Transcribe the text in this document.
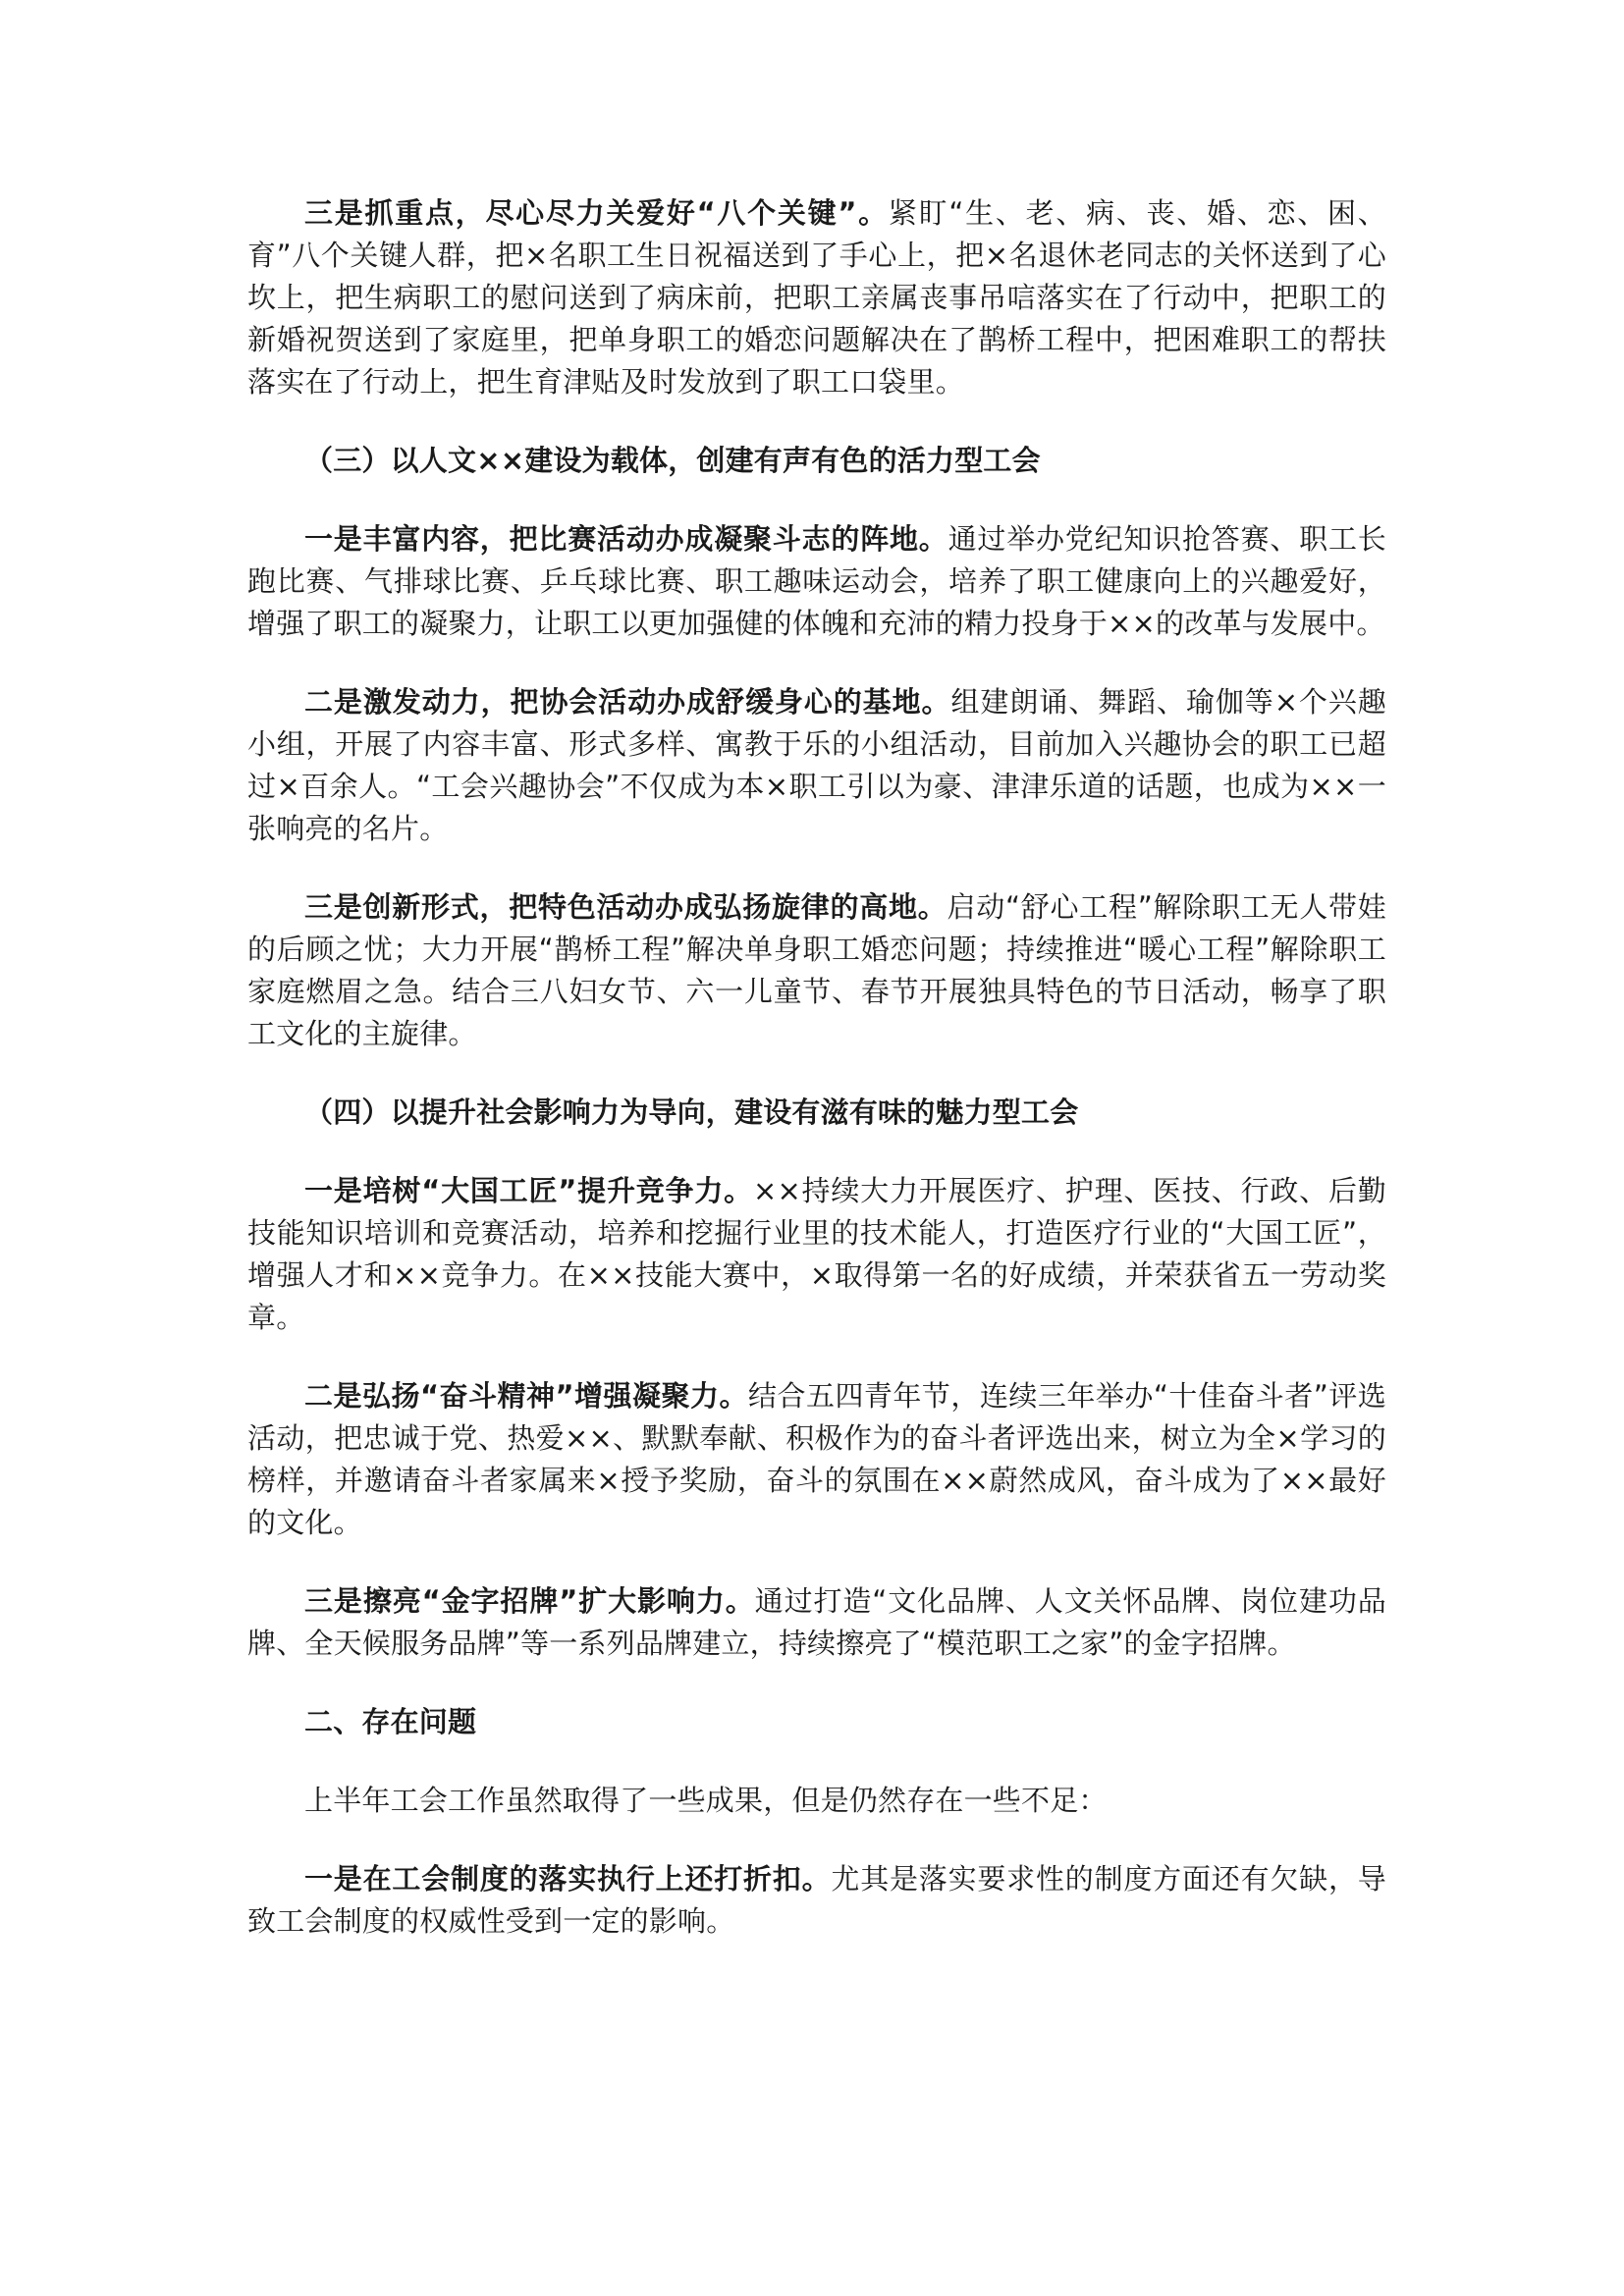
三是抓重点，尽心尽力关爱好“八个关键”。紧盯“生、老、病、丧、婚、恋、困、育”八个关键人群，把×名职工生日祝福送到了手心上，把×名退休老同志的关怀送到了心坎上，把生病职工的慰问送到了病床前，把职工亲属丧事吊唁落实在了行动中，把职工的新婚祝贺送到了家庭里，把单身职工的婚恋问题解决在了鹊桥工程中，把困难职工的帮扶落实在了行动上，把生育津贴及时发放到了职工口袋里。

（三）以人文××建设为载体，创建有声有色的活力型工会

一是丰富内容，把比赛活动办成凝聚斗志的阵地。通过举办党纪知识抢答赛、职工长跑比赛、气排球比赛、乒乓球比赛、职工趣味运动会，培养了职工健康向上的兴趣爱好，增强了职工的凝聚力，让职工以更加强健的体魄和充沛的精力投身于××的改革与发展中。

二是激发动力，把协会活动办成舒缓身心的基地。组建朗诵、舞蹈、瑜伽等×个兴趣小组，开展了内容丰富、形式多样、寓教于乐的小组活动，目前加入兴趣协会的职工已超过×百余人。“工会兴趣协会”不仅成为本×职工引以为豪、津津乐道的话题，也成为××一张响亮的名片。

三是创新形式，把特色活动办成弘扬旋律的高地。启动“舒心工程”解除职工无人带娃的后顾之忧；大力开展“鹊桥工程”解决单身职工婚恋问题；持续推进“暖心工程”解除职工家庭燃眉之急。结合三八妇女节、六一儿童节、春节开展独具特色的节日活动，畅享了职工文化的主旋律。

（四）以提升社会影响力为导向，建设有滋有味的魅力型工会

一是培树“大国工匠”提升竞争力。××持续大力开展医疗、护理、医技、行政、后勤技能知识培训和竞赛活动，培养和挖掘行业里的技术能人，打造医疗行业的“大国工匠”，增强人才和××竞争力。在××技能大赛中，×取得第一名的好成绩，并荣获省五一劳动奖章。

二是弘扬“奋斗精神”增强凝聚力。结合五四青年节，连续三年举办“十佳奋斗者”评选活动，把忠诚于党、热爱××、默默奉献、积极作为的奋斗者评选出来，树立为全×学习的榜样，并邀请奋斗者家属来×授予奖励，奋斗的氛围在××蔚然成风，奋斗成为了××最好的文化。

三是擦亮“金字招牌”扩大影响力。通过打造“文化品牌、人文关怀品牌、岗位建功品牌、全天候服务品牌”等一系列品牌建立，持续擦亮了“模范职工之家”的金字招牌。

二、存在问题

上半年工会工作虽然取得了一些成果，但是仍然存在一些不足：

一是在工会制度的落实执行上还打折扣。尤其是落实要求性的制度方面还有欠缺，导致工会制度的权威性受到一定的影响。
